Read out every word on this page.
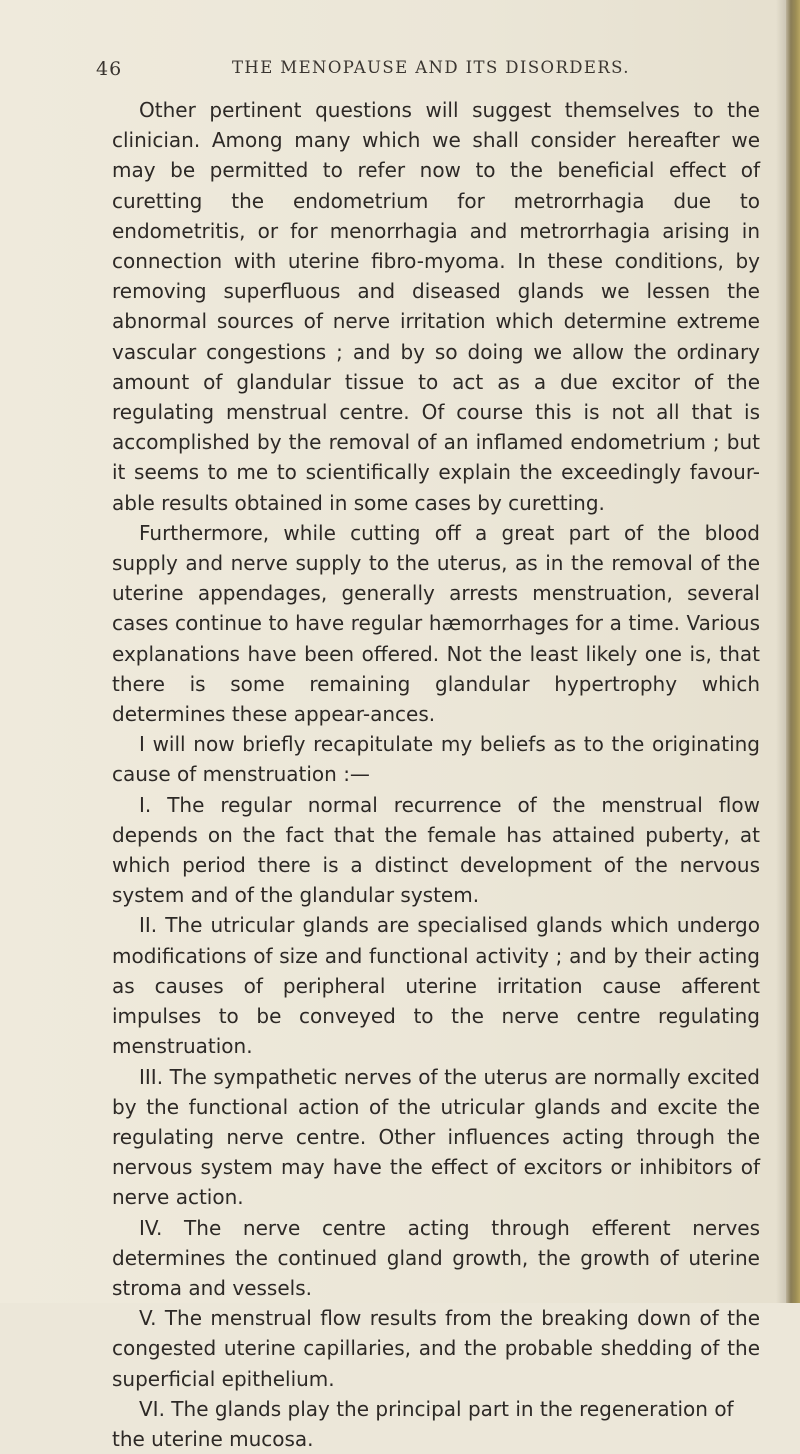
46	THE MENOPAUSE AND ITS DISORDERS.

Other pertinent questions will suggest themselves to the clinician. Among many which we shall consider hereafter we may be permitted to refer now to the beneficial effect of curetting the endometrium for metrorrhagia due to endometritis, or for menorrhagia and metrorrhagia arising in connection with uterine fibro-myoma. In these conditions, by removing superfluous and diseased glands we lessen the abnormal sources of nerve irritation which determine extreme vascular congestions ; and by so doing we allow the ordinary amount of glandular tissue to act as a due excitor of the regulating menstrual centre. Of course this is not all that is accomplished by the removal of an inflamed endometrium ; but it seems to me to scientifically explain the exceedingly favour-able results obtained in some cases by curetting.

Furthermore, while cutting off a great part of the blood supply and nerve supply to the uterus, as in the removal of the uterine appendages, generally arrests menstruation, several cases continue to have regular hæmorrhages for a time. Various explanations have been offered. Not the least likely one is, that there is some remaining glandular hypertrophy which determines these appear-ances.

I will now briefly recapitulate my beliefs as to the originating cause of menstruation :—

I. The regular normal recurrence of the menstrual flow depends on the fact that the female has attained puberty, at which period there is a distinct development of the nervous system and of the glandular system.

II. The utricular glands are specialised glands which undergo modifications of size and functional activity ; and by their acting as causes of peripheral uterine irritation cause afferent impulses to be conveyed to the nerve centre regulating menstruation.

III. The sympathetic nerves of the uterus are normally excited by the functional action of the utricular glands and excite the regulating nerve centre. Other influences acting through the nervous system may have the effect of excitors or inhibitors of nerve action.

IV. The nerve centre acting through efferent nerves determines the continued gland growth, the growth of uterine stroma and vessels.

V. The menstrual flow results from the breaking down of the congested uterine capillaries, and the probable shedding of the superficial epithelium.

VI. The glands play the principal part in the regeneration of the uterine mucosa.
